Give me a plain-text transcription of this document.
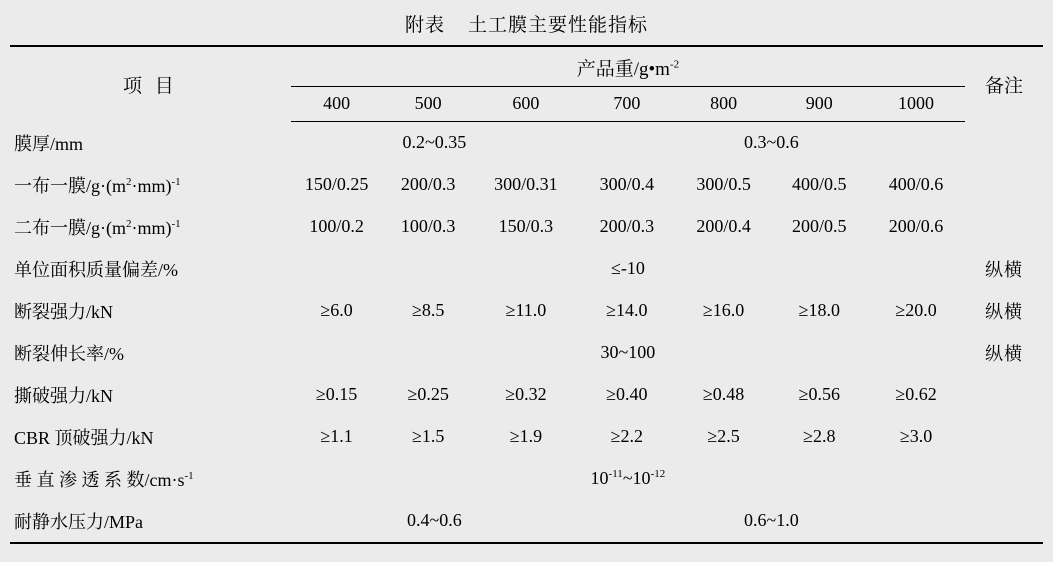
附表    土工膜主要性能指标
项 目	产品重$/g•m^{-2}$							备注
	400	500	600	700	800	900	1000	
膜厚/mm	0.2~0.35			0.3~0.6				
一布一膜$/g\cdot(m^2\cdot mm)^{-1}$	150/0.25	200/0.3	300/0.31	300/0.4	300/0.5	400/0.5	400/0.6	
二布一膜$/g\cdot(m^2\cdot mm)^{-1}$	100/0.2	100/0.3	150/0.3	200/0.3	200/0.4	200/0.5	200/0.6	
单位面积质量偏差/%	≤-10							纵横
断裂强力/kN	≥6.0	≥8.5	≥11.0	≥14.0	≥16.0	≥18.0	≥20.0	纵横
断裂伸长率/%	30~100							纵横
撕破强力/kN	≥0.15	≥0.25	≥0.32	≥0.40	≥0.48	≥0.56	≥0.62	
CBR 顶破强力/kN	≥1.1	≥1.5	≥1.9	≥2.2	≥2.5	≥2.8	≥3.0	
垂 直 渗 透 系 数$/cm\cdot s^{-1}$	$10^{-11}\sim 10^{-12}$	
耐静水压力/MPa	0.4~0.6			0.6~1.0				
